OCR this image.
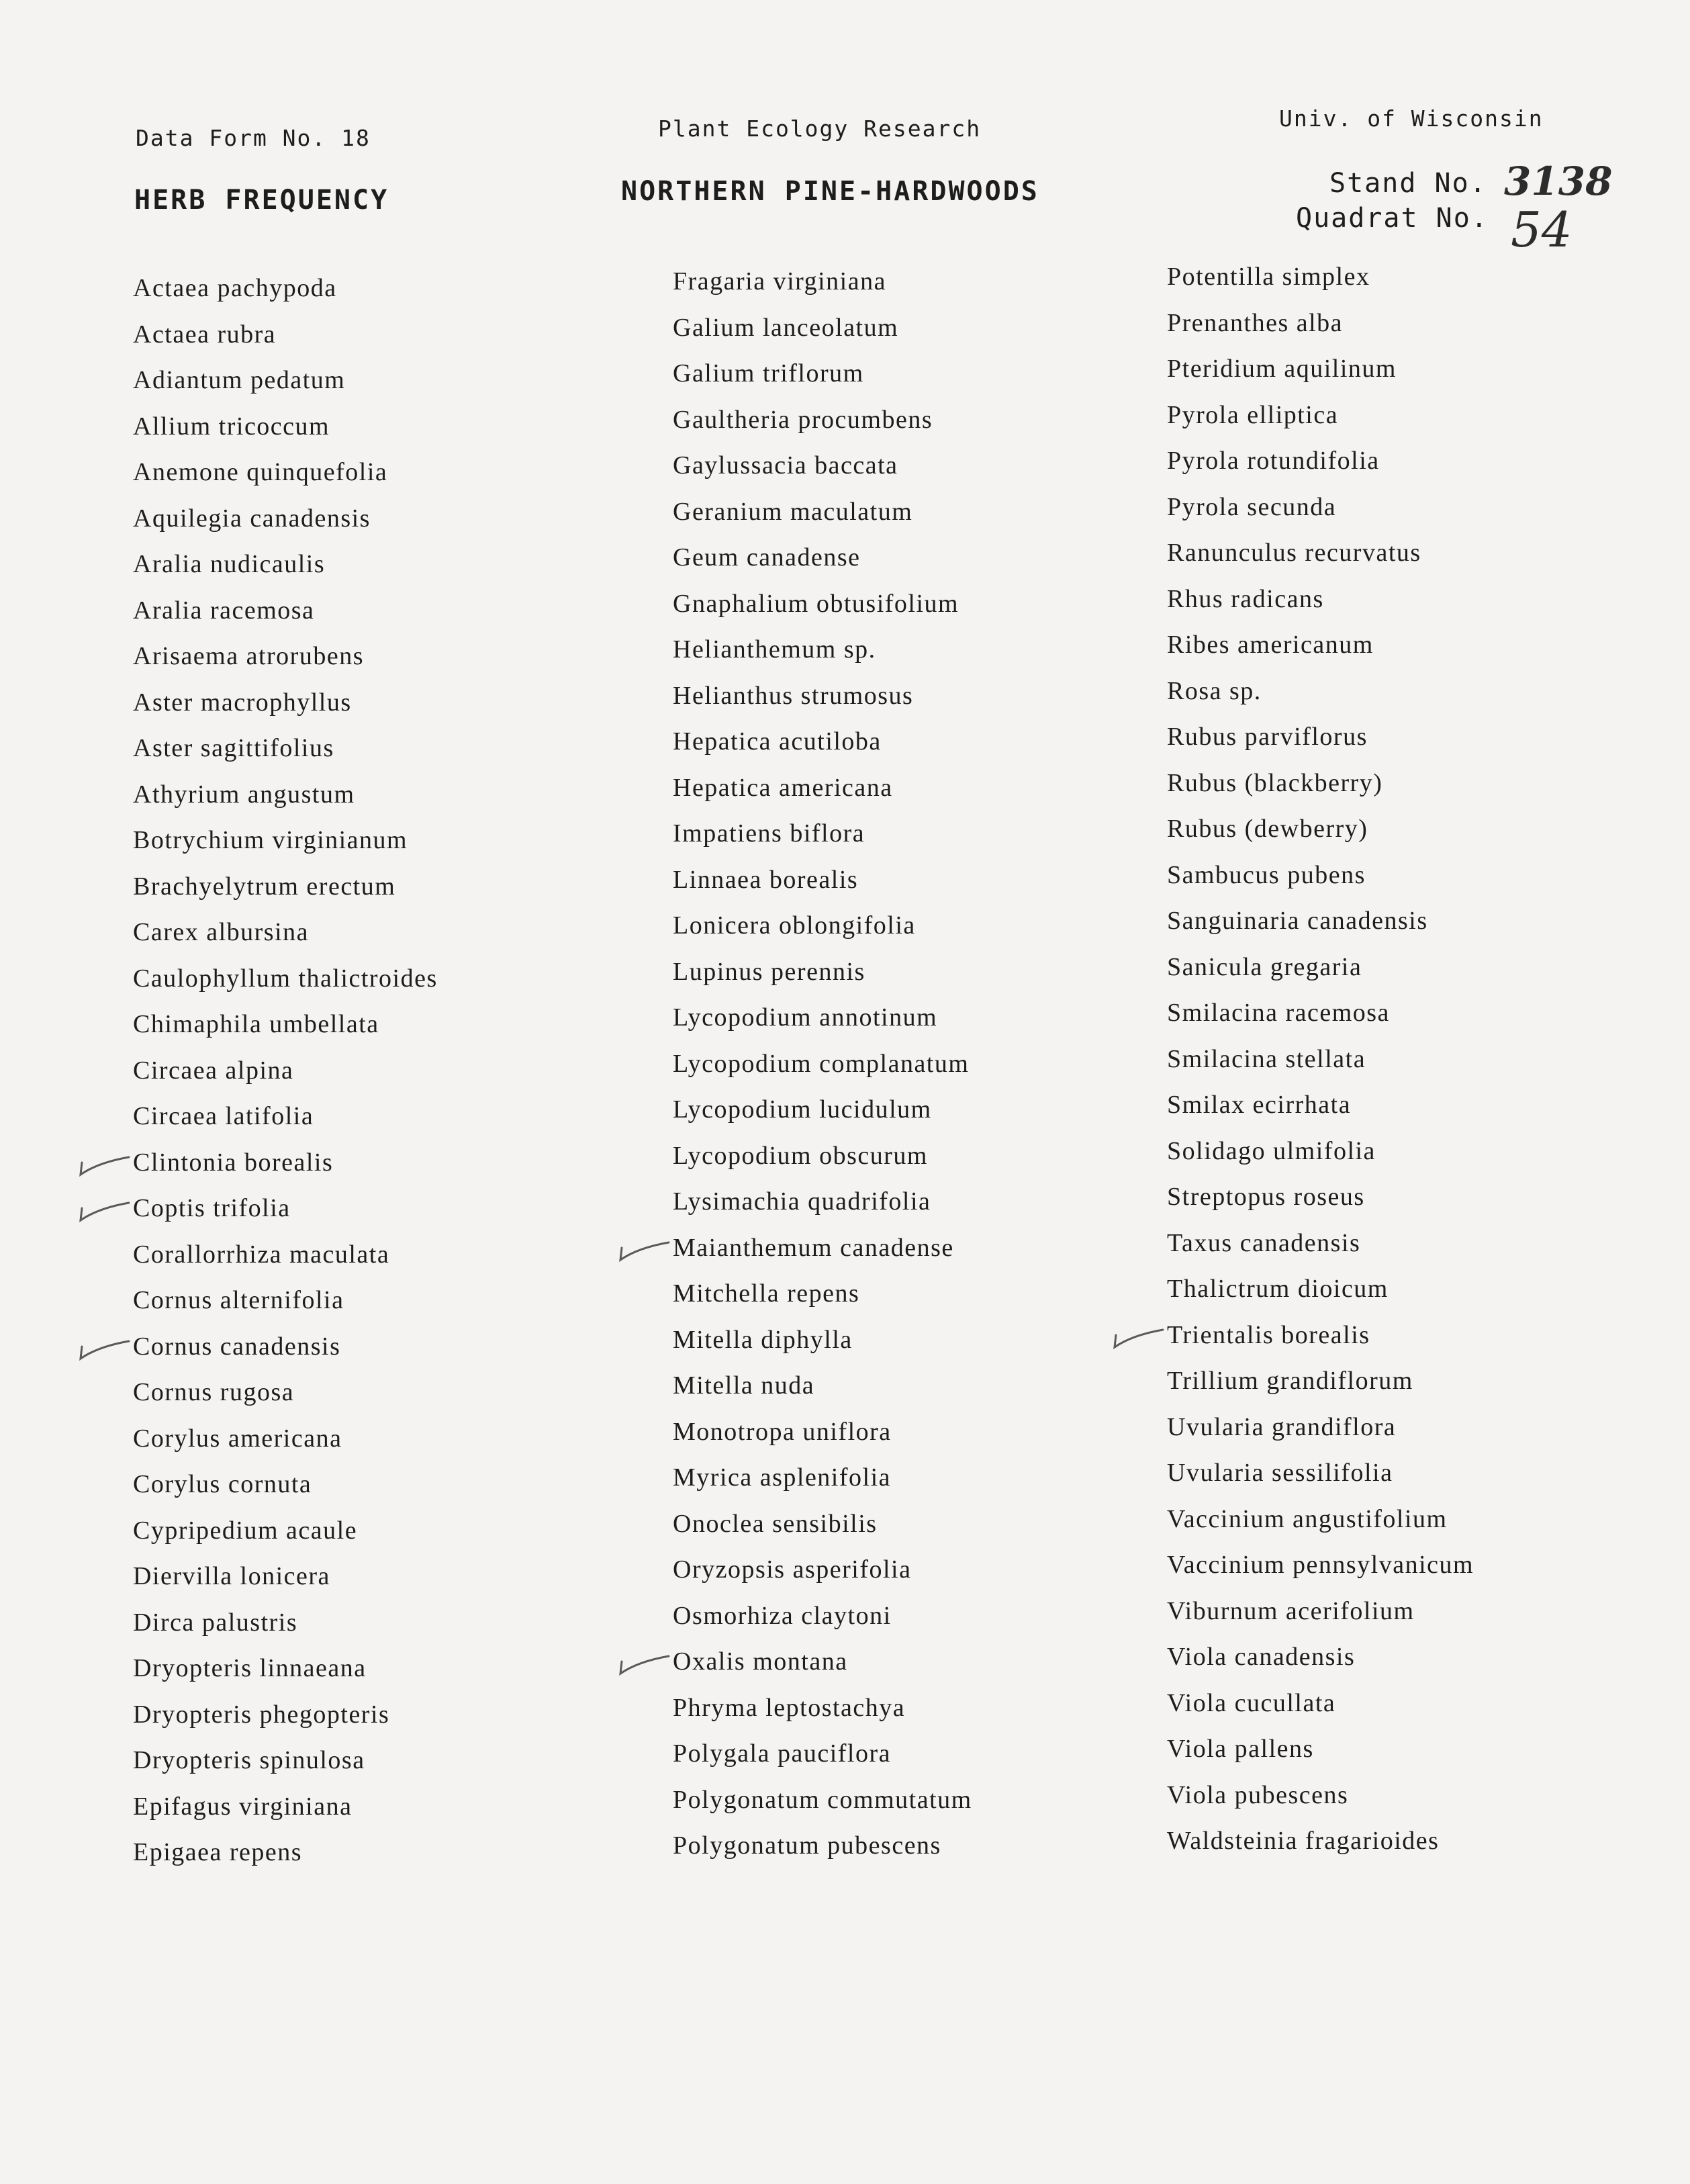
Data Form No. 18	Plant Ecology Research	Univ. of Wisconsin
HERB FREQUENCY	NORTHERN PINE-HARDWOODS	Stand No. 3138
Quadrat No. 54
Actaea pachypoda
Actaea rubra
Adiantum pedatum
Allium tricoccum
Anemone quinquefolia
Aquilegia canadensis
Aralia nudicaulis
Aralia racemosa
Arisaema atrorubens
Aster macrophyllus
Aster sagittifolius
Athyrium angustum
Botrychium virginianum
Brachyelytrum erectum
Carex albursina
Caulophyllum thalictroides
Chimaphila umbellata
Circaea alpina
Circaea latifolia
Clintonia borealis
Coptis trifolia
Corallorrhiza maculata
Cornus alternifolia
Cornus canadensis
Cornus rugosa
Corylus americana
Corylus cornuta
Cypripedium acaule
Diervilla lonicera
Dirca palustris
Dryopteris linnaeana
Dryopteris phegopteris
Dryopteris spinulosa
Epifagus virginiana
Epigaea repens
Fragaria virginiana
Galium lanceolatum
Galium triflorum
Gaultheria procumbens
Gaylussacia baccata
Geranium maculatum
Geum canadense
Gnaphalium obtusifolium
Helianthemum sp.
Helianthus strumosus
Hepatica acutiloba
Hepatica americana
Impatiens biflora
Linnaea borealis
Lonicera oblongifolia
Lupinus perennis
Lycopodium annotinum
Lycopodium complanatum
Lycopodium lucidulum
Lycopodium obscurum
Lysimachia quadrifolia
Maianthemum canadense
Mitchella repens
Mitella diphylla
Mitella nuda
Monotropa uniflora
Myrica asplenifolia
Onoclea sensibilis
Oryzopsis asperifolia
Osmorhiza claytoni
Oxalis montana
Phryma leptostachya
Polygala pauciflora
Polygonatum commutatum
Polygonatum pubescens
Potentilla simplex
Prenanthes alba
Pteridium aquilinum
Pyrola elliptica
Pyrola rotundifolia
Pyrola secunda
Ranunculus recurvatus
Rhus radicans
Ribes americanum
Rosa sp.
Rubus parviflorus
Rubus (blackberry)
Rubus (dewberry)
Sambucus pubens
Sanguinaria canadensis
Sanicula gregaria
Smilacina racemosa
Smilacina stellata
Smilax ecirrhata
Solidago ulmifolia
Streptopus roseus
Taxus canadensis
Thalictrum dioicum
Trientalis borealis
Trillium grandiflorum
Uvularia grandiflora
Uvularia sessilifolia
Vaccinium angustifolium
Vaccinium pennsylvanicum
Viburnum acerifolium
Viola canadensis
Viola cucullata
Viola pallens
Viola pubescens
Waldsteinia fragarioides
